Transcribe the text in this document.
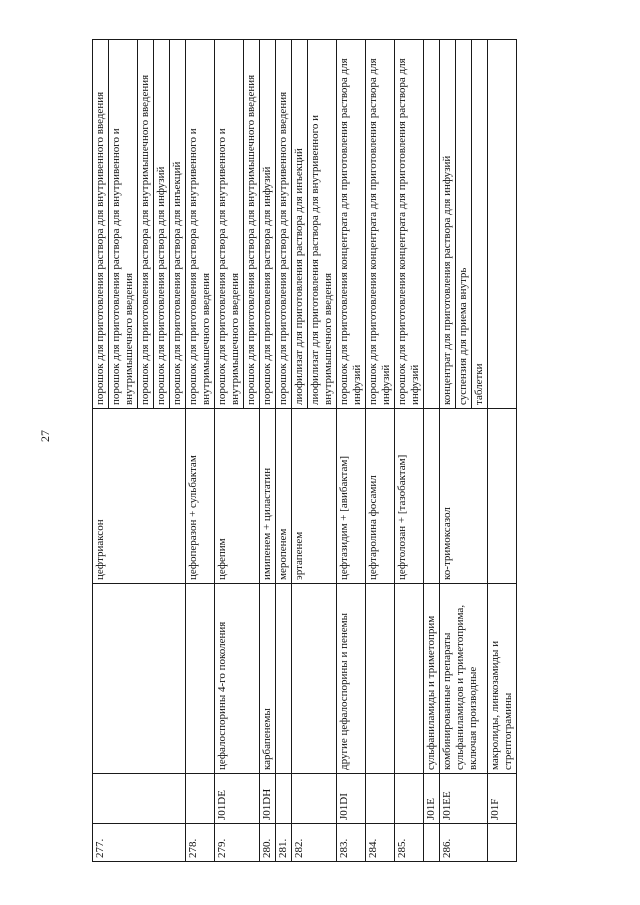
27
277.			цефтриаксон	порошок для приготовления раствора для внутривенного введения порошок для приготовления раствора для внутривенного и внутримышечного введения порошок для приготовления раствора для внутримышечного введения порошок для приготовления раствора для инфузий порошок для приготовления раствора для инъекций

278.			цефоперазон + сульбактам	порошок для приготовления раствора для внутривенного и внутримышечного введения

279.	J01DE	цефалоспорины 4-го поколения	цефепим	порошок для приготовления раствора для внутривенного и внутримышечного введения порошок для приготовления раствора для внутримышечного введения

280.	J01DH	карбапенемы	имипенем + циластатин	порошок для приготовления раствора для инфузий

281.			меропенем	порошок для приготовления раствора для внутривенного введения

282.			эртапенем	лиофилизат для приготовления раствора для инъекций лиофилизат для приготовления раствора для внутривенного и внутримышечного введения

283.	J01DI	другие цефалоспорины и пенемы	цефтазидим + [авибактам]	порошок для приготовления концентрата для приготовления раствора для инфузий

284.			цефтаролина фосамил	порошок для приготовления концентрата для приготовления раствора для инфузий

285.			цефтолозан + [тазобактам]	порошок для приготовления концентрата для приготовления раствора для инфузий

	J01E	сульфаниламиды и триметоприм		

286.	J01EE	комбинированные препараты сульфаниламидов и триметоприма, включая производные	ко-тримоксазол	концентрат для приготовления раствора для инфузий суспензия для приема внутрь таблетки

	J01F	макролиды, линкозамиды и стрептограмины		
